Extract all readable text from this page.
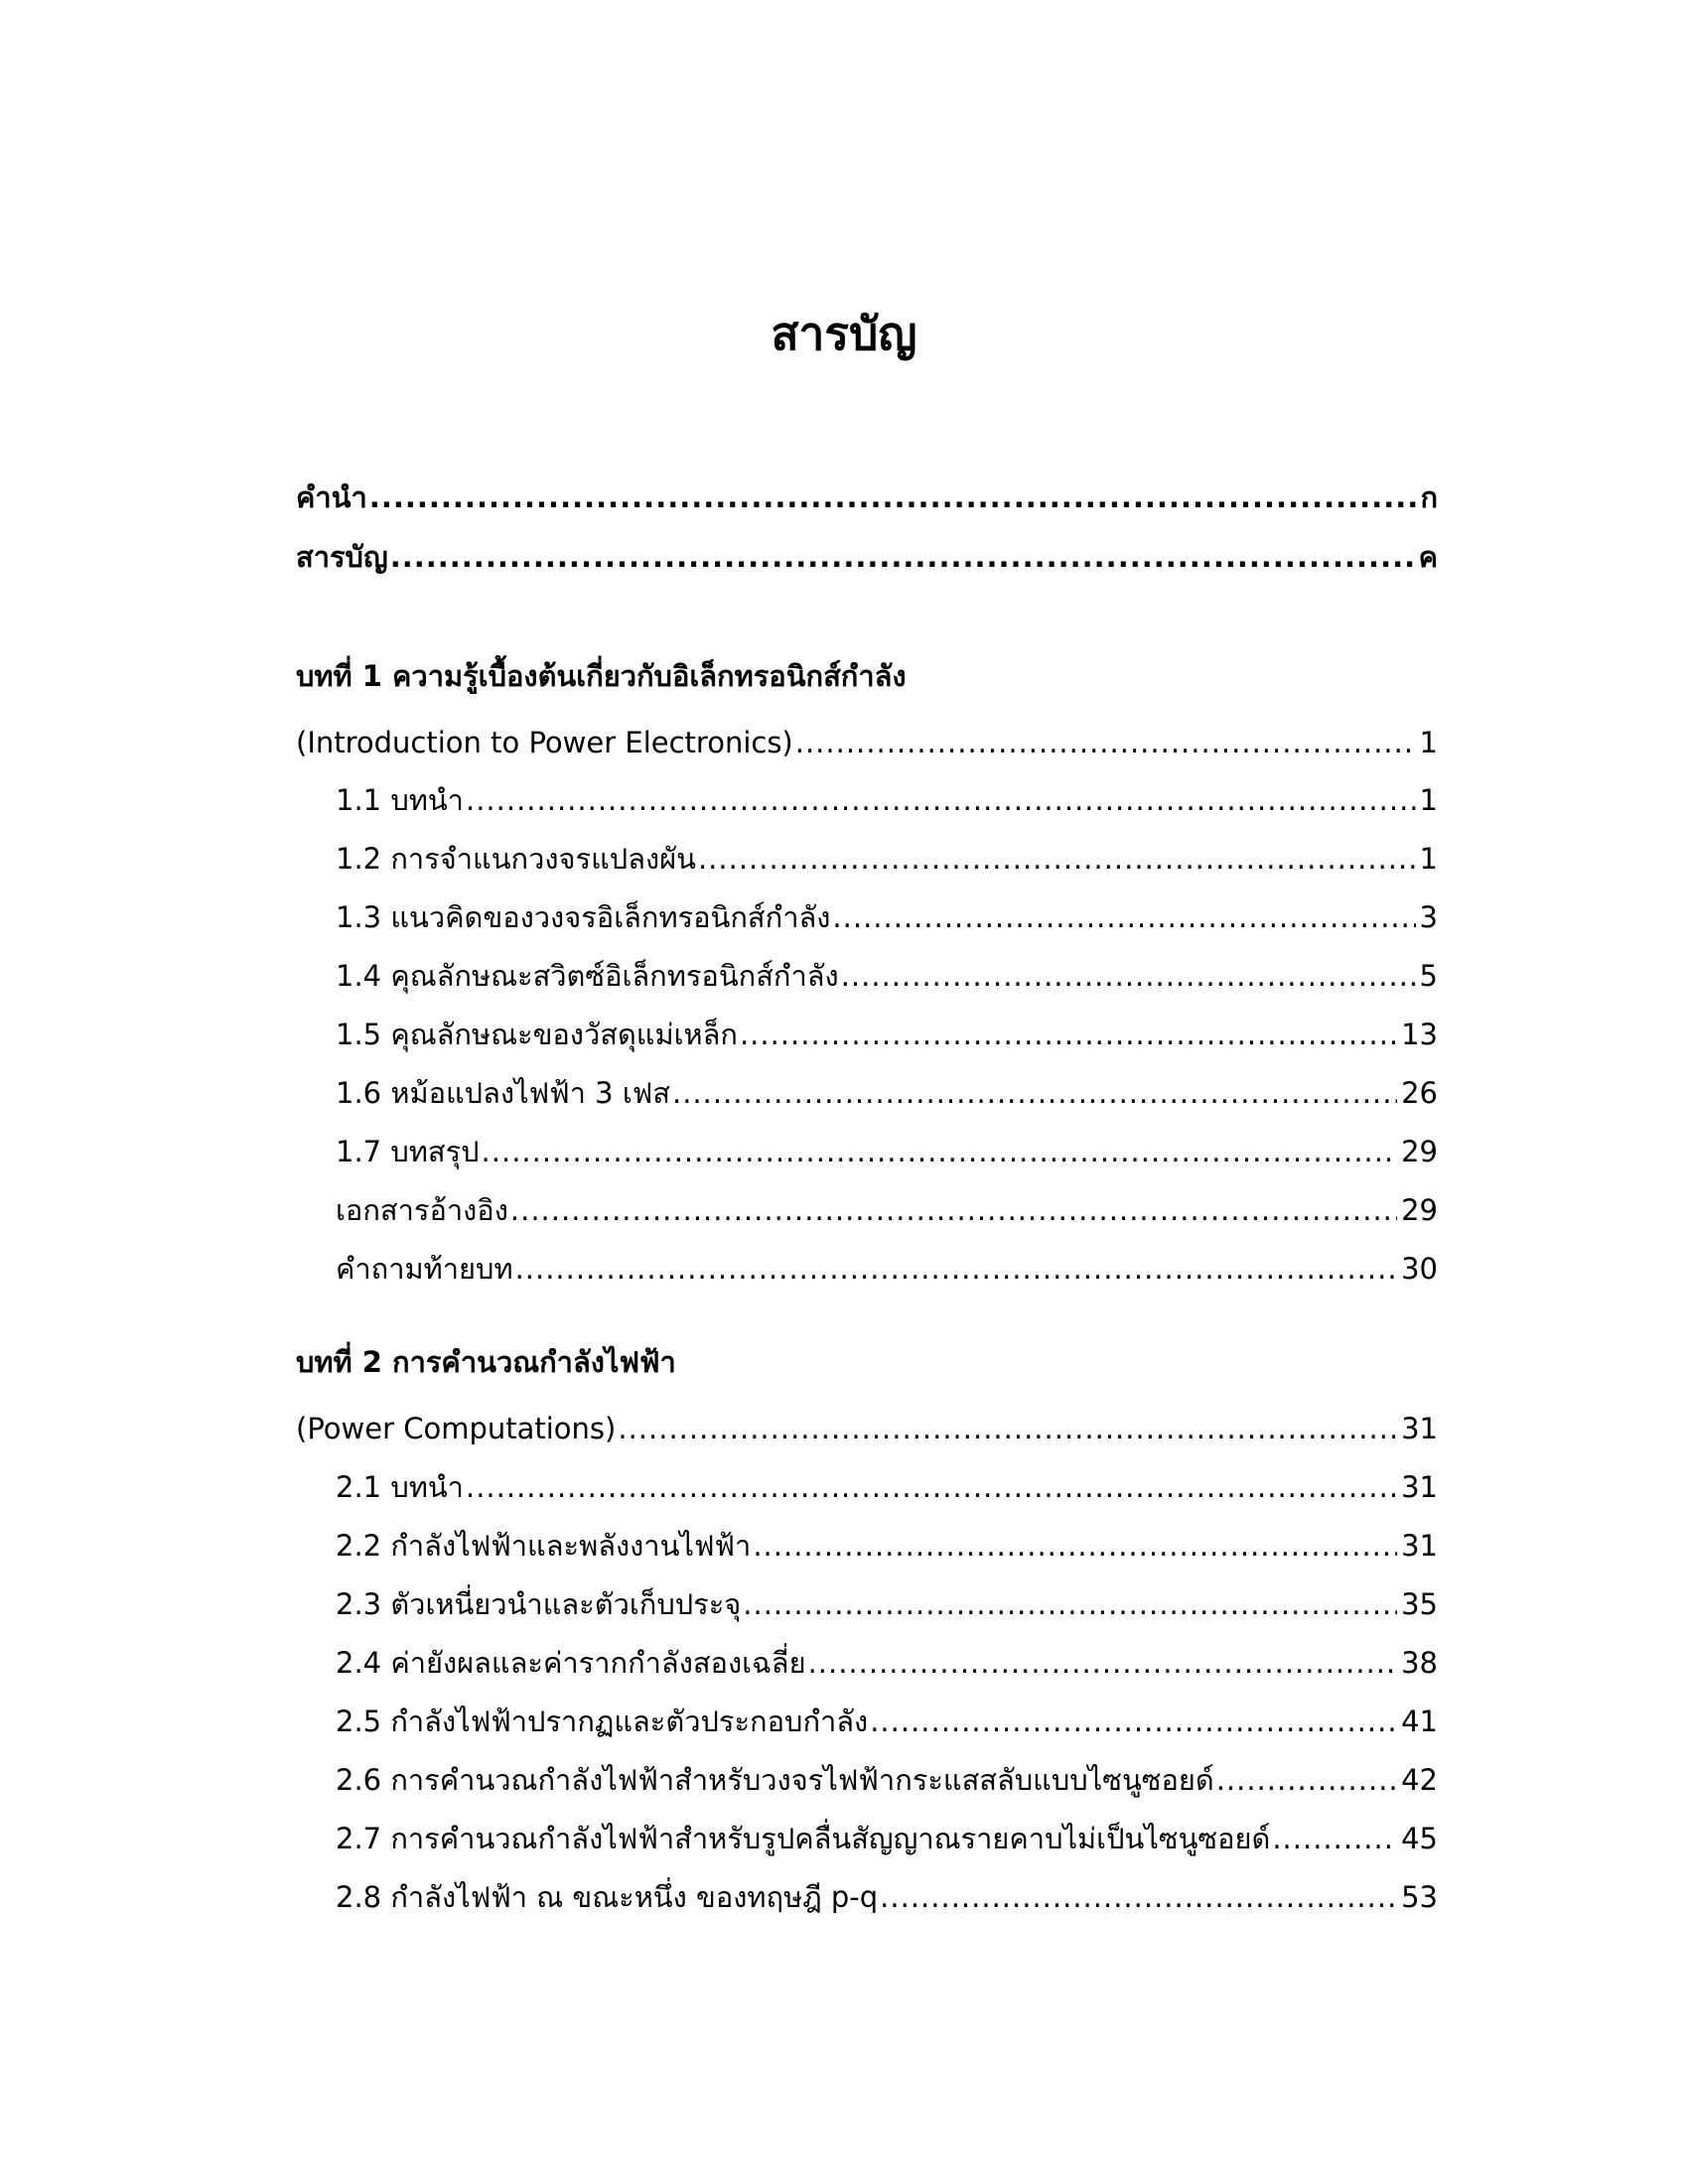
สารบัญ
คำนำ .....	ก
สารบัญ .....	ค
บทที่ 1 ความรู้เบื้องต้นเกี่ยวกับอิเล็กทรอนิกส์กำลัง
(Introduction to Power Electronics) .....	1
1.1 บทนำ .....	1
1.2 การจำแนกวงจรแปลงผัน .....	1
1.3 แนวคิดของวงจรอิเล็กทรอนิกส์กำลัง .....	3
1.4 คุณลักษณะสวิตซ์อิเล็กทรอนิกส์กำลัง .....	5
1.5 คุณลักษณะของวัสดุแม่เหล็ก .....	13
1.6 หม้อแปลงไฟฟ้า 3 เฟส .....	26
1.7 บทสรุป .....	29
เอกสารอ้างอิง .....	29
คำถามท้ายบท .....	30
บทที่ 2 การคำนวณกำลังไฟฟ้า
(Power Computations) .....	31
2.1 บทนำ .....	31
2.2 กำลังไฟฟ้าและพลังงานไฟฟ้า .....	31
2.3 ตัวเหนี่ยวนำและตัวเก็บประจุ .....	35
2.4 ค่ายังผลและค่ารากกำลังสองเฉลี่ย .....	38
2.5 กำลังไฟฟ้าปรากฏและตัวประกอบกำลัง .....	41
2.6 การคำนวณกำลังไฟฟ้าสำหรับวงจรไฟฟ้ากระแสสลับแบบไซนูซอยด์ .....	42
2.7 การคำนวณกำลังไฟฟ้าสำหรับรูปคลื่นสัญญาณรายคาบไม่เป็นไซนูซอยด์ .....	45
2.8 กำลังไฟฟ้า ณ ขณะหนึ่ง ของทฤษฎี p-q .....	53
